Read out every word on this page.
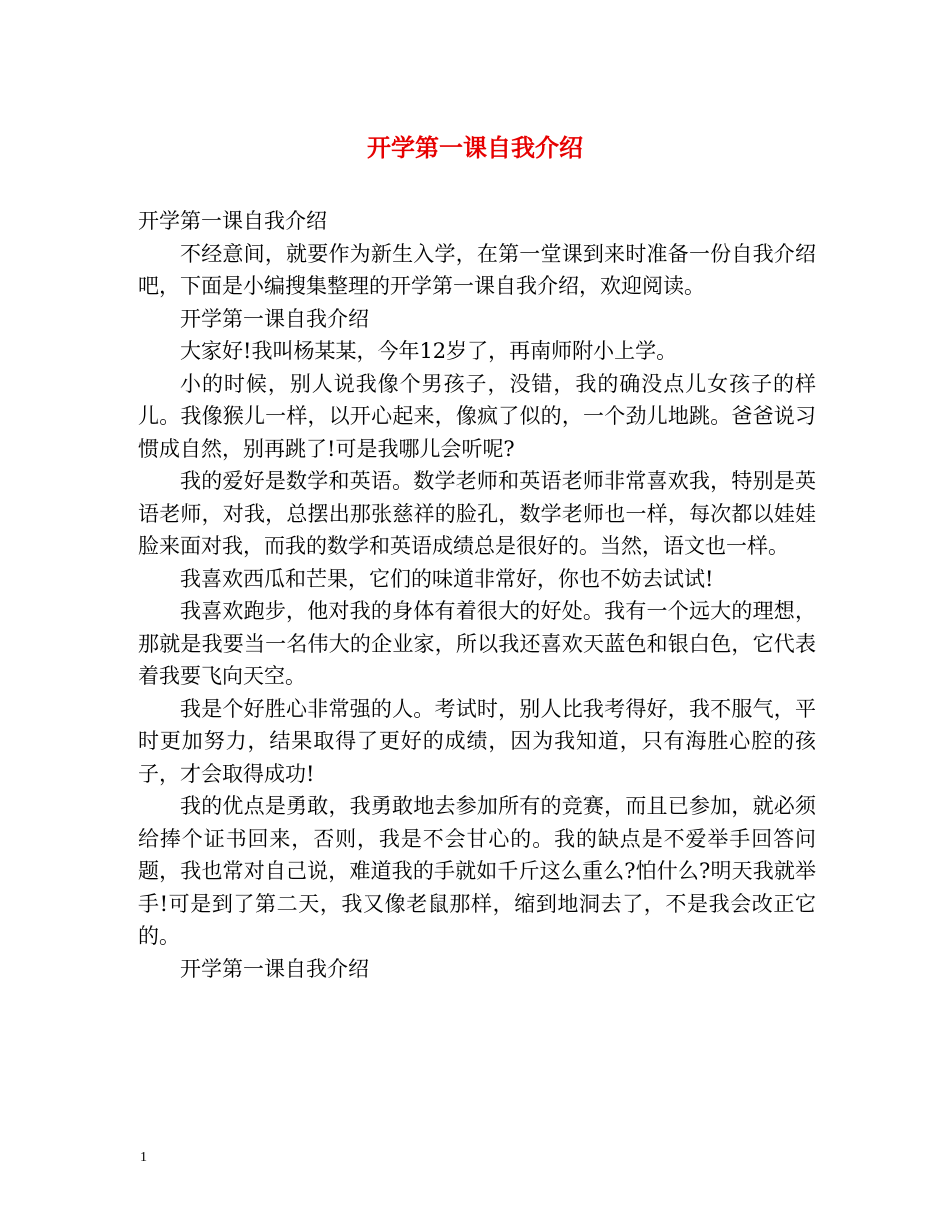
开学第一课自我介绍

开学第一课自我介绍

不经意间，就要作为新生入学，在第一堂课到来时准备一份自我介绍吧，下面是小编搜集整理的开学第一课自我介绍，欢迎阅读。

开学第一课自我介绍

大家好!我叫杨某某，今年12岁了，再南师附小上学。

小的时候，别人说我像个男孩子，没错，我的确没点儿女孩子的样儿。我像猴儿一样，以开心起来，像疯了似的，一个劲儿地跳。爸爸说习惯成自然，别再跳了!可是我哪儿会听呢?

我的爱好是数学和英语。数学老师和英语老师非常喜欢我，特别是英语老师，对我，总摆出那张慈祥的脸孔，数学老师也一样，每次都以娃娃脸来面对我，而我的数学和英语成绩总是很好的。当然，语文也一样。

我喜欢西瓜和芒果，它们的味道非常好，你也不妨去试试!

我喜欢跑步，他对我的身体有着很大的好处。我有一个远大的理想，那就是我要当一名伟大的企业家，所以我还喜欢天蓝色和银白色，它代表着我要飞向天空。

我是个好胜心非常强的人。考试时，别人比我考得好，我不服气，平时更加努力，结果取得了更好的成绩，因为我知道，只有海胜心腔的孩子，才会取得成功!

我的优点是勇敢，我勇敢地去参加所有的竞赛，而且已参加，就必须给捧个证书回来，否则，我是不会甘心的。我的缺点是不爱举手回答问题，我也常对自己说，难道我的手就如千斤这么重么?怕什么?明天我就举手!可是到了第二天，我又像老鼠那样，缩到地洞去了，不是我会改正它的。

开学第一课自我介绍

1
